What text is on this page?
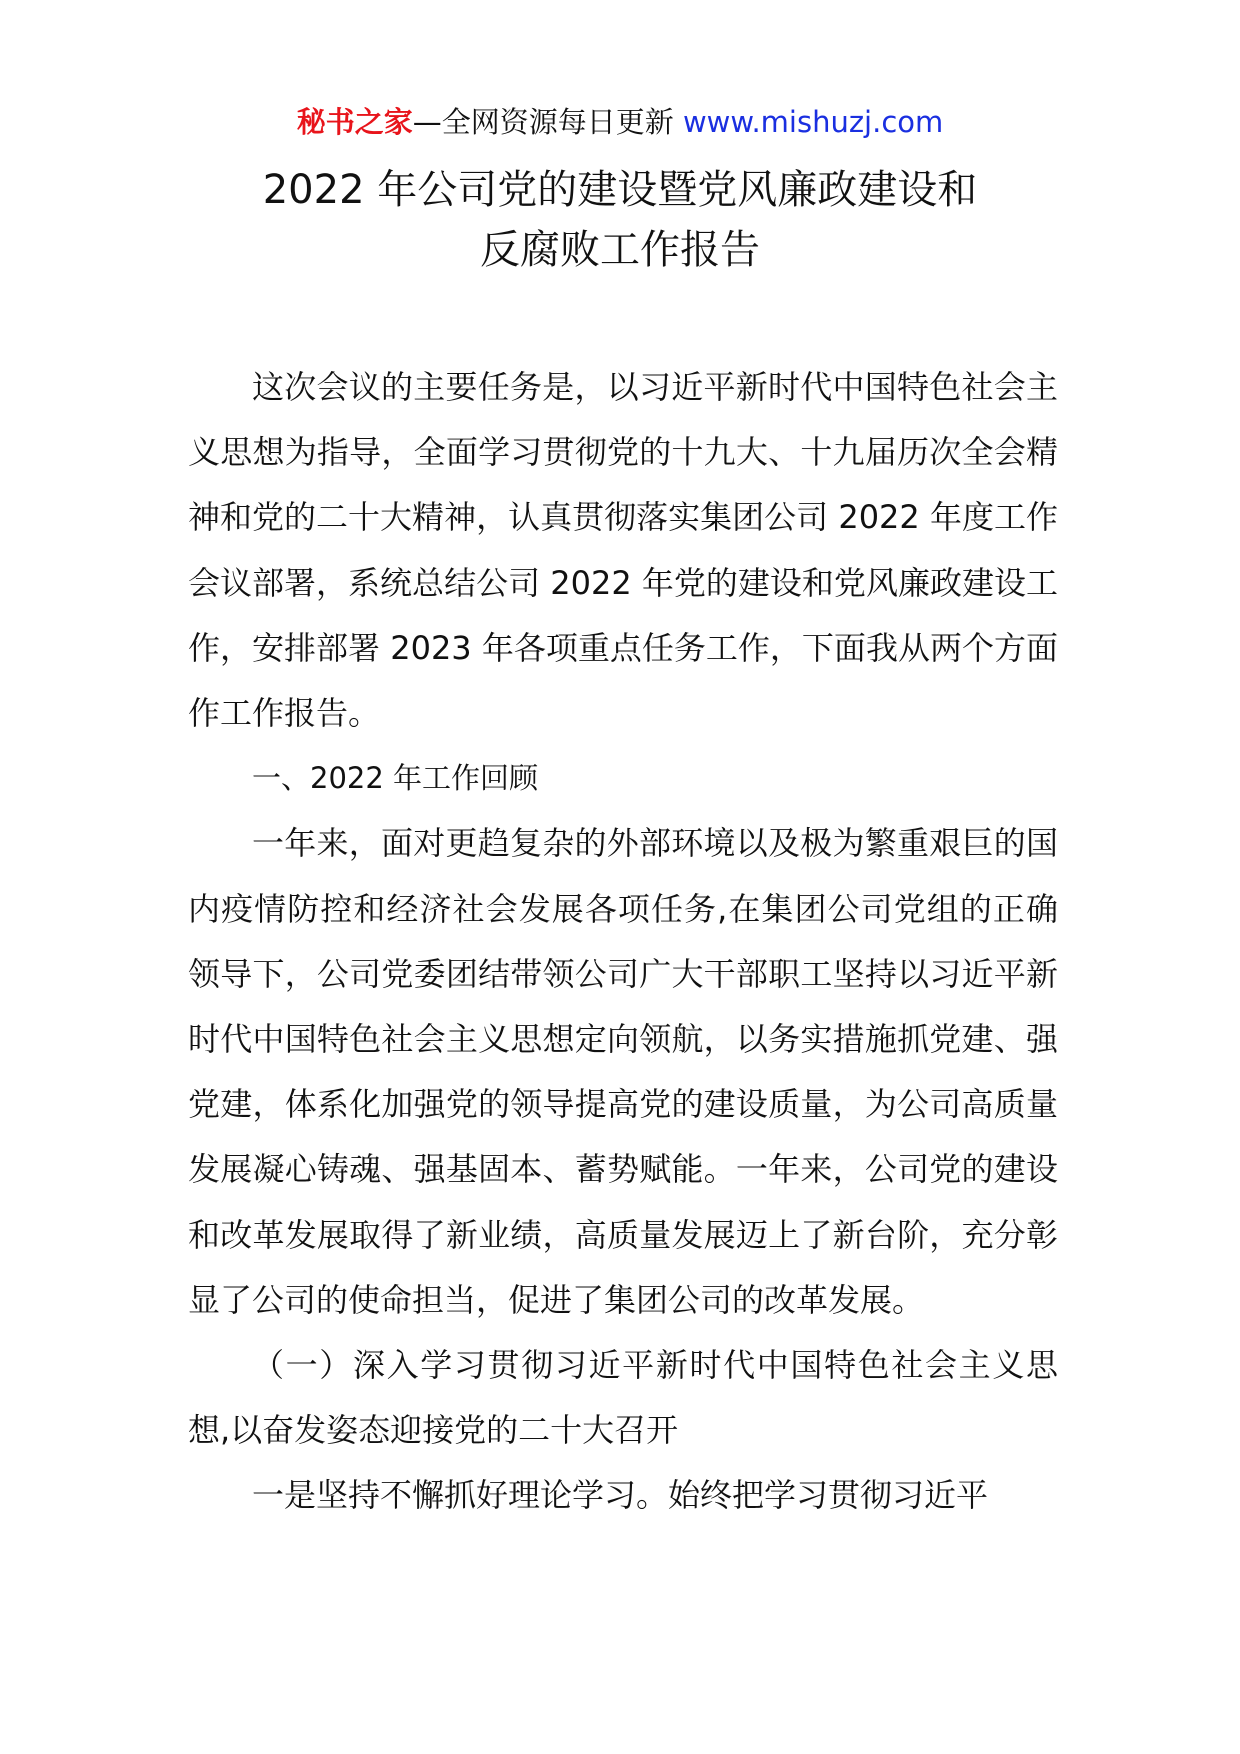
秘书之家—全网资源每日更新 www.mishuzj.com
2022 年公司党的建设暨党风廉政建设和
反腐败工作报告

这次会议的主要任务是，以习近平新时代中国特色社会主义思想为指导，全面学习贯彻党的十九大、十九届历次全会精神和党的二十大精神，认真贯彻落实集团公司 2022 年度工作会议部署，系统总结公司 2022 年党的建设和党风廉政建设工作，安排部署 2023 年各项重点任务工作，下面我从两个方面作工作报告。

一、2022 年工作回顾

一年来，面对更趋复杂的外部环境以及极为繁重艰巨的国内疫情防控和经济社会发展各项任务,在集团公司党组的正确领导下，公司党委团结带领公司广大干部职工坚持以习近平新时代中国特色社会主义思想定向领航，以务实措施抓党建、强党建，体系化加强党的领导提高党的建设质量，为公司高质量发展凝心铸魂、强基固本、蓄势赋能。一年来，公司党的建设和改革发展取得了新业绩，高质量发展迈上了新台阶，充分彰显了公司的使命担当，促进了集团公司的改革发展。

（一）深入学习贯彻习近平新时代中国特色社会主义思想,以奋发姿态迎接党的二十大召开

一是坚持不懈抓好理论学习。始终把学习贯彻习近平
